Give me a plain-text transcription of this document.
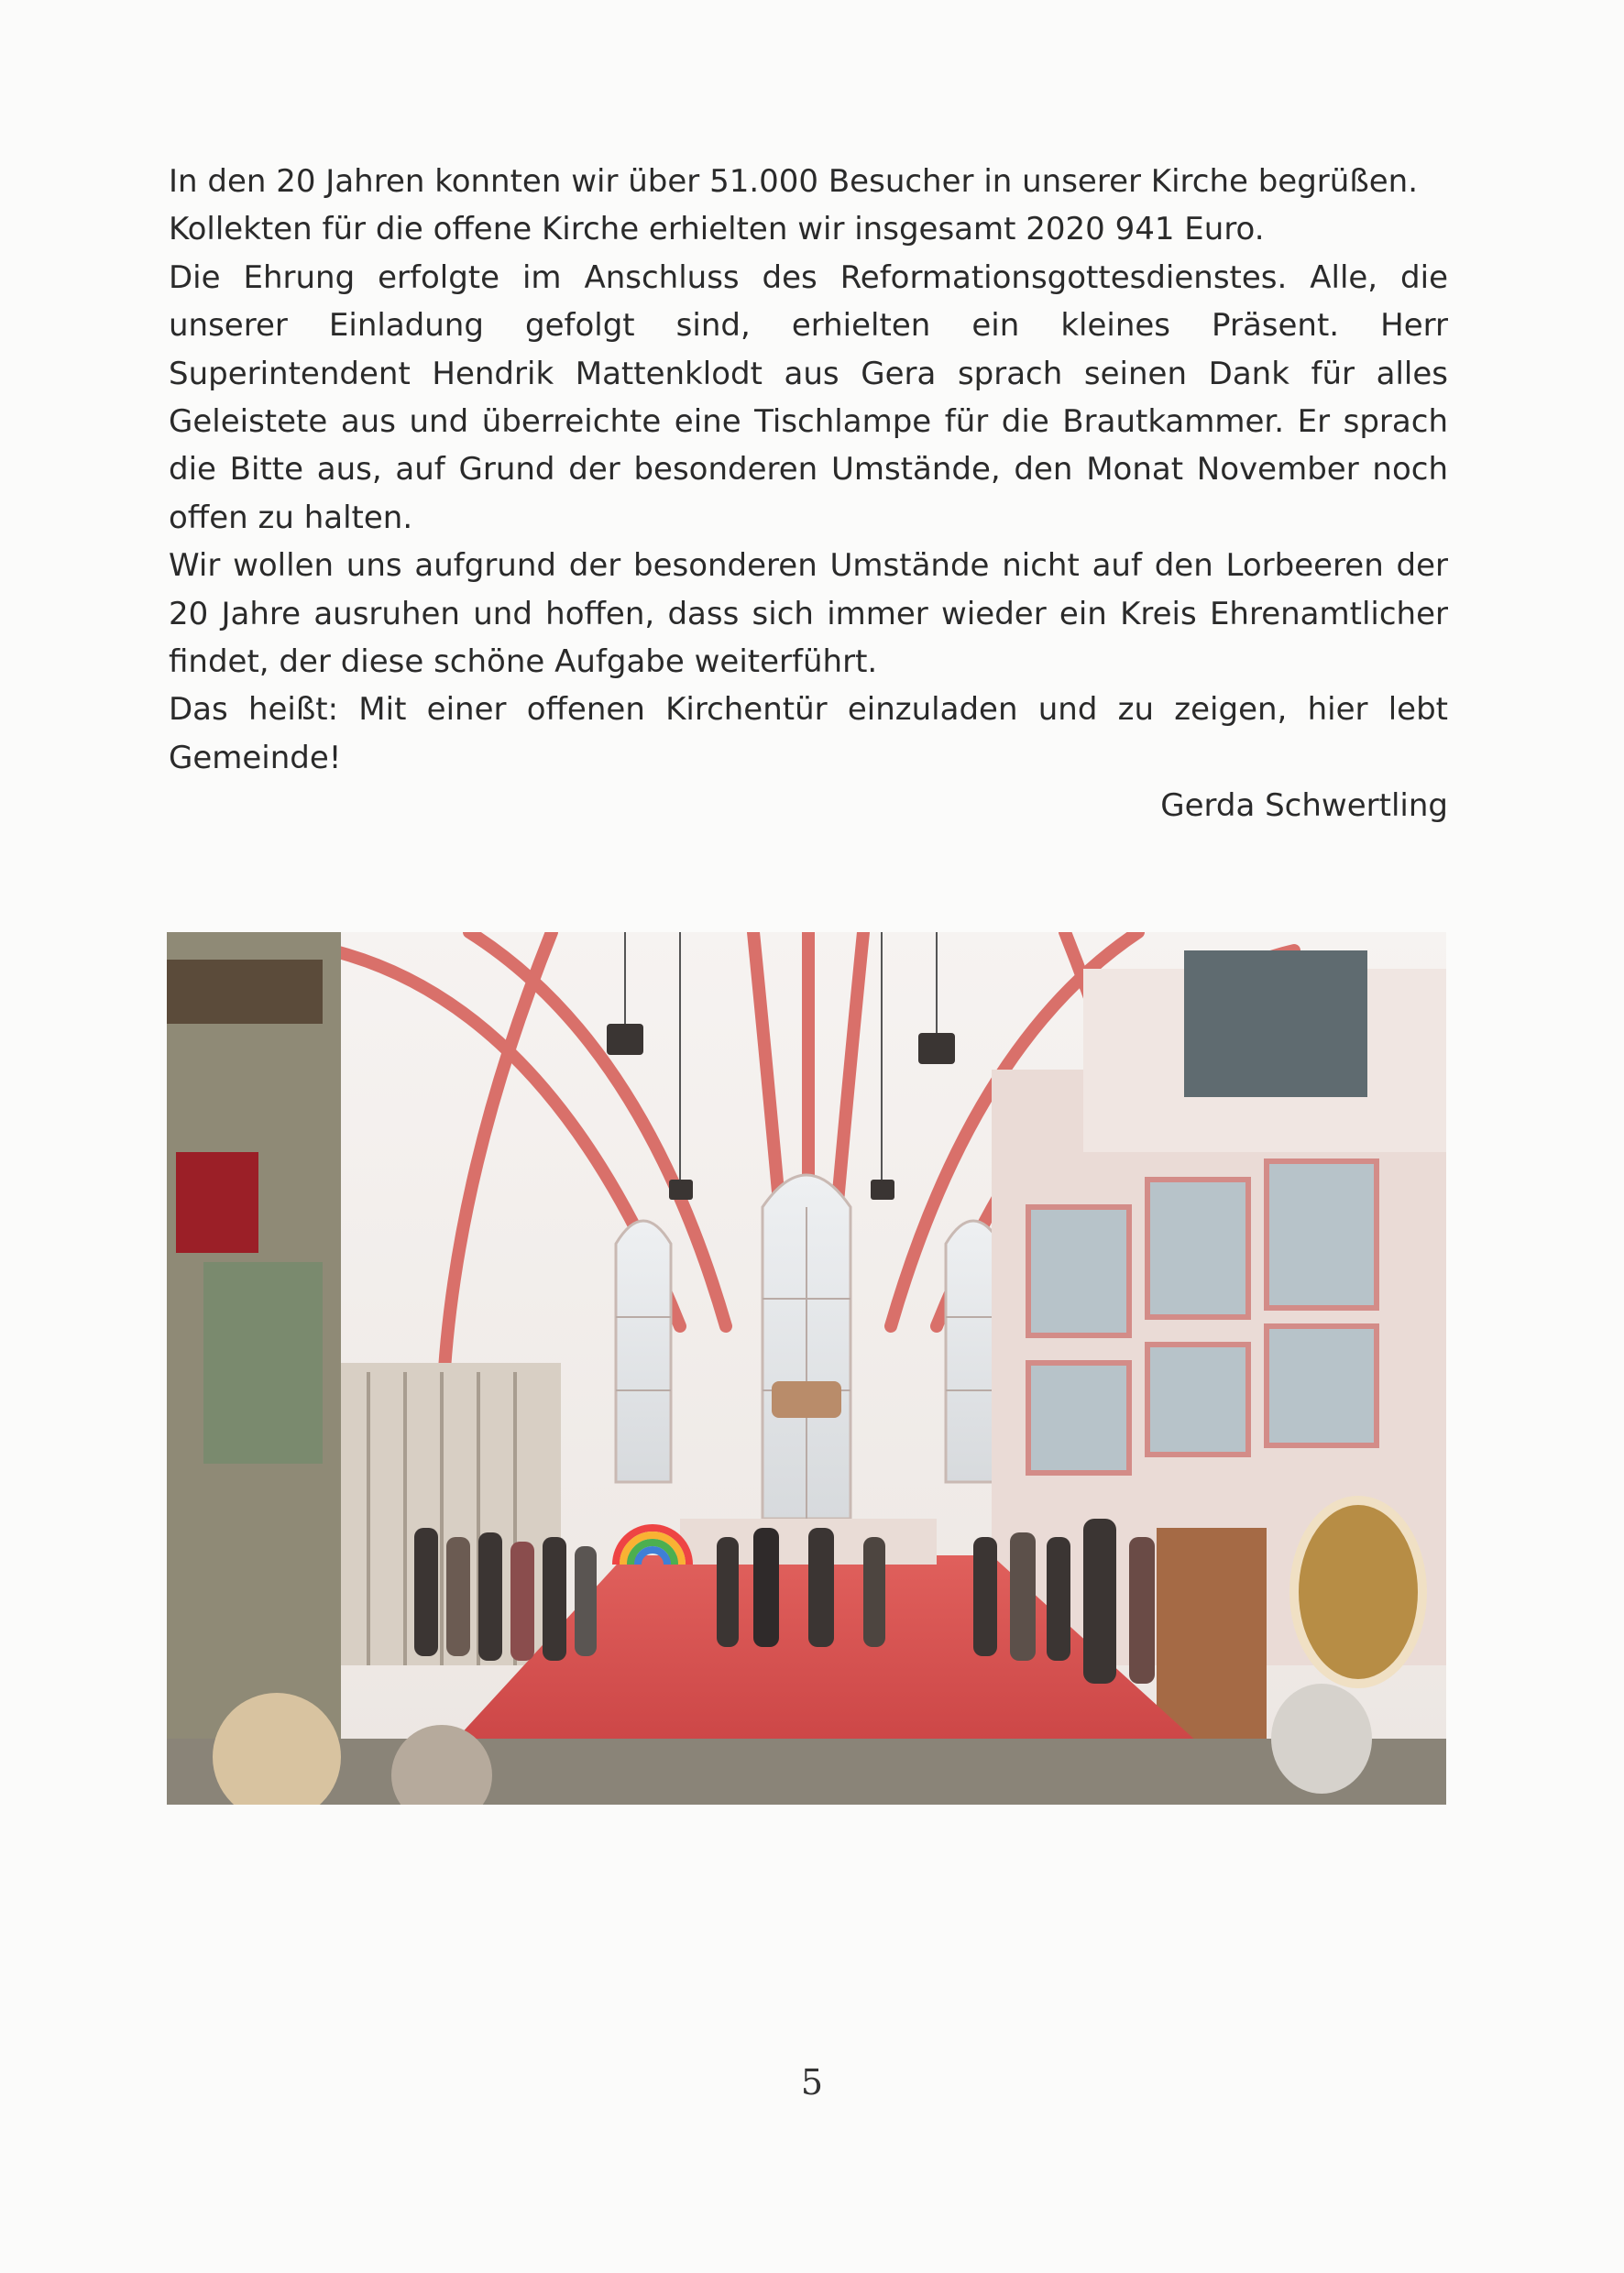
In den 20 Jahren konnten wir über 51.000 Besucher in unserer Kirche begrüßen.

Kollekten für die offene Kirche erhielten wir insgesamt 2020 941 Euro.

Die Ehrung erfolgte im Anschluss des Reformationsgottesdienstes. Alle, die unserer Einladung gefolgt sind, erhielten ein kleines Präsent. Herr Superintendent Hendrik Mattenklodt aus Gera sprach seinen Dank für alles Geleistete aus und überreichte eine Tischlampe für die Brautkammer. Er sprach die Bitte aus, auf Grund der besonderen Umstände, den Monat November noch offen zu halten.

Wir wollen uns aufgrund der besonderen Umstände nicht auf den Lorbeeren der 20 Jahre ausruhen und hoffen, dass sich immer wieder ein Kreis Ehrenamtlicher findet, der diese schöne Aufgabe weiterführt.

Das heißt: Mit einer offenen Kirchentür einzuladen und zu zeigen, hier lebt Gemeinde!

Gerda Schwertling

5
